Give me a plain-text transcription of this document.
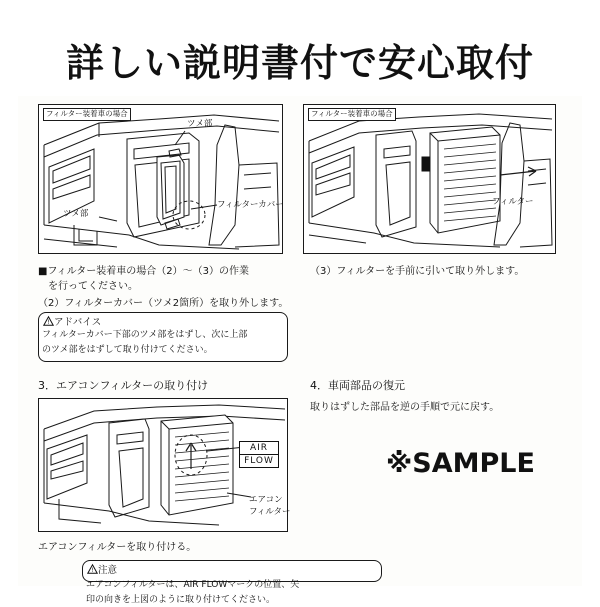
詳しい説明書付で安心取付
フィルター装着車の場合
ツメ部
ツメ部
フィルターカバー
フィルター装着車の場合
フィルター
■フィルター装着車の場合（2）～（3）の作業
　を行ってください。
（2）フィルターカバー（ツメ2箇所）を取り外します。
! アドバイス
フィルターカバー下部のツメ部をはずし、次に上部
のツメ部をはずして取り付けてください。
（3）フィルターを手前に引いて取り外します。
3．エアコンフィルターの取り付け
AIR
FLOW
エアコン
フィルター
4．車両部品の復元
取りはずした部品を逆の手順で元に戻す。
※SAMPLE
エアコンフィルターを取り付ける。
! 注意
エアコンフィルターは、AIR FLOWマークの位置、矢
印の向きを上図のように取り付けてください。
